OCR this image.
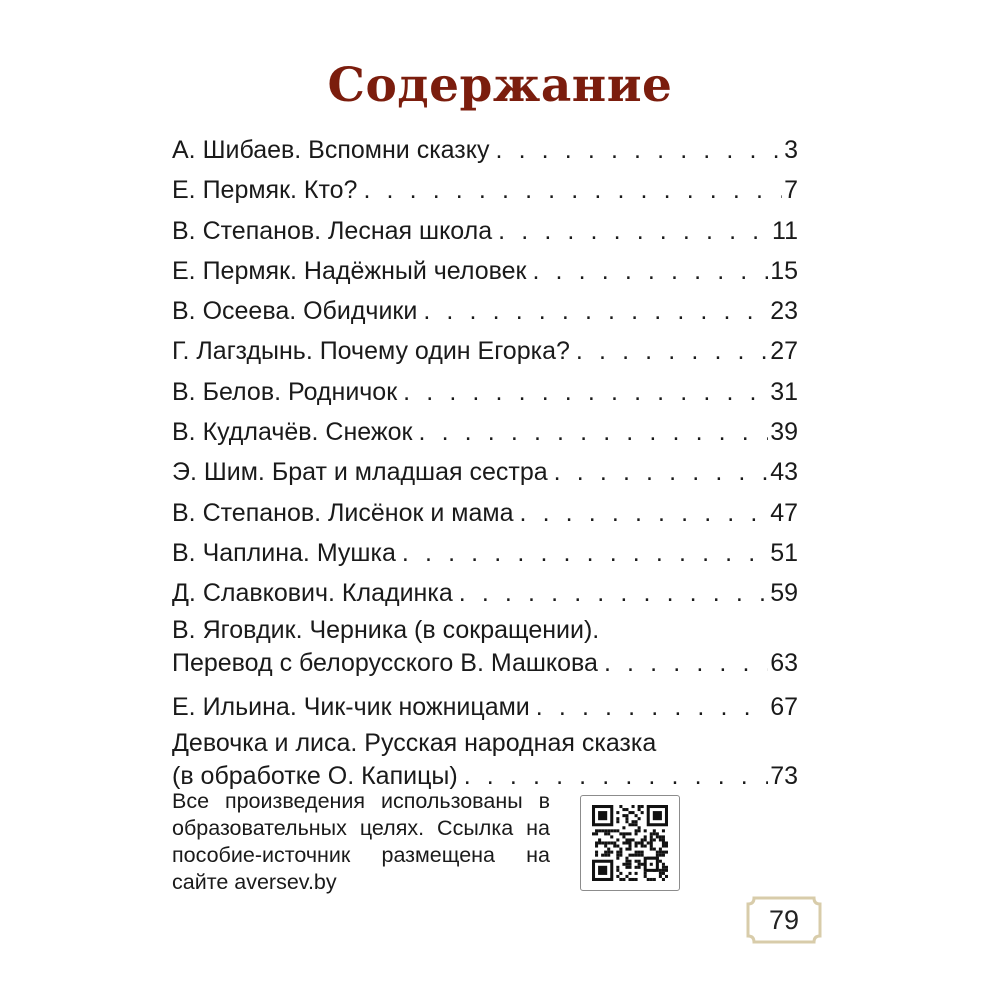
Содержание
А. Шибаев. Вспомни сказку . . .	3
Е. Пермяк. Кто? . . .	7
В. Степанов. Лесная школа . . .	11
Е. Пермяк. Надёжный человек . . .	15
В. Осеева. Обидчики . . .	23
Г. Лагздынь. Почему один Егорка? . . .	27
В. Белов. Родничок . . .	31
В. Кудлачёв. Снежок . . .	39
Э. Шим. Брат и младшая сестра . . .	43
В. Степанов. Лисёнок и мама . . .	47
В. Чаплина. Мушка . . .	51
Д. Славкович. Кладинка . . .	59
В. Яговдик. Черника (в сокращении).
Перевод с белорусского В. Машкова . . .	63
Е. Ильина. Чик-чик ножницами . . .	67
Девочка и лиса. Русская народная сказка
(в обработке О. Капицы) . . .	73
Все произведения использованы в образовательных целях. Ссылка на пособие-источник размещена на сайте aversev.by
79
